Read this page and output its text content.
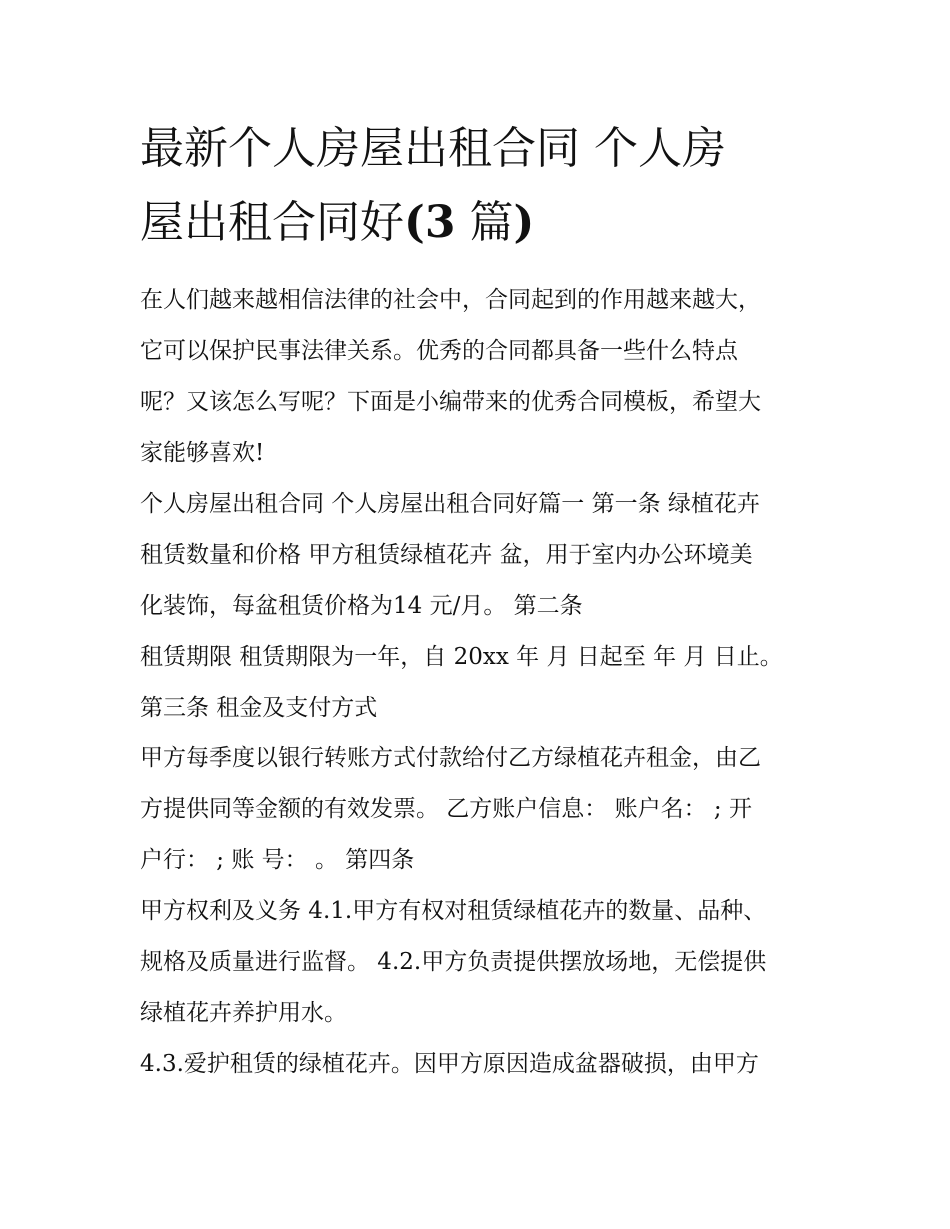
最新个人房屋出租合同 个人房
屋出租合同好(3 篇)
在人们越来越相信法律的社会中，合同起到的作用越来越大，
它可以保护民事法律关系。优秀的合同都具备一些什么特点
呢？又该怎么写呢？下面是小编带来的优秀合同模板，希望大
家能够喜欢!
个人房屋出租合同 个人房屋出租合同好篇一 第一条 绿植花卉
租赁数量和价格 甲方租赁绿植花卉 盆，用于室内办公环境美
化装饰，每盆租赁价格为14 元/月。 第二条
租赁期限 租赁期限为一年，自 20xx 年 月 日起至 年 月 日止。
第三条 租金及支付方式
甲方每季度以银行转账方式付款给付乙方绿植花卉租金，由乙
方提供同等金额的有效发票。 乙方账户信息： 账户名： ; 开
户行： ; 账 号： 。 第四条
甲方权利及义务 4.1.甲方有权对租赁绿植花卉的数量、品种、
规格及质量进行监督。 4.2.甲方负责提供摆放场地，无偿提供
绿植花卉养护用水。
4.3.爱护租赁的绿植花卉。因甲方原因造成盆器破损，由甲方
